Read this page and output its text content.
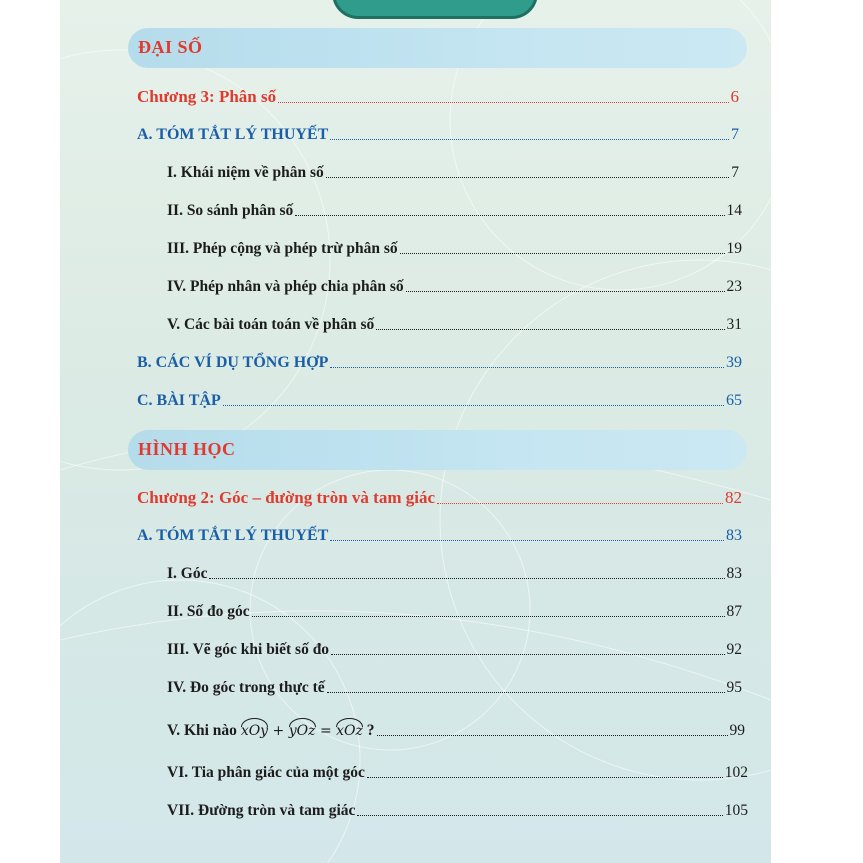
ĐẠI SỐ
Chương 3: Phân số	6
A. TÓM TẮT LÝ THUYẾT	7
I. Khái niệm về phân số	7
II. So sánh phân số	14
III. Phép cộng và phép trừ phân số	19
IV. Phép nhân và phép chia phân số	23
V. Các bài toán toán về phân số	31
B. CÁC VÍ DỤ TỔNG HỢP	39
C. BÀI TẬP	65
HÌNH HỌC
Chương 2: Góc – đường tròn và tam giác	82
A. TÓM TẮT LÝ THUYẾT	83
I. Góc	83
II. Số đo góc	87
III. Vẽ góc khi biết số đo	92
IV. Đo góc trong thực tế	95
V. Khi nào xOy + yOz = xOz ?	99
VI. Tia phân giác của một góc	102
VII. Đường tròn và tam giác	105
